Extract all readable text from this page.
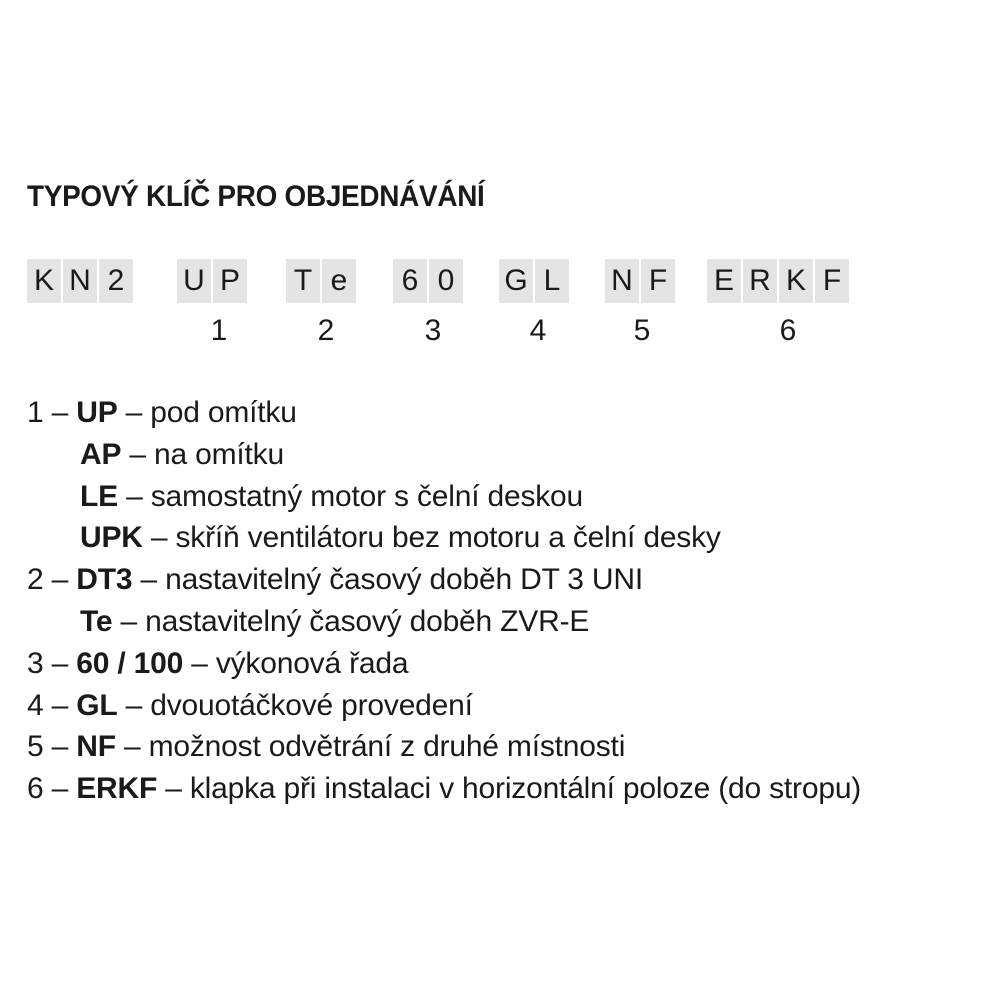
TYPOVÝ KLÍČ PRO OBJEDNÁVÁNÍ
K N 2 U P T e 6 0 G L N F E R K F
1	2	3	4	5	6
1 – UP – pod omítku
AP – na omítku
LE – samostatný motor s čelní deskou
UPK – skříň ventilátoru bez motoru a čelní desky
2 – DT3 – nastavitelný časový doběh DT 3 UNI
Te – nastavitelný časový doběh ZVR-E
3 – 60 / 100 – výkonová řada
4 – GL – dvouotáčkové provedení
5 – NF – možnost odvětrání z druhé místnosti
6 – ERKF – klapka při instalaci v horizontální poloze (do stropu)
